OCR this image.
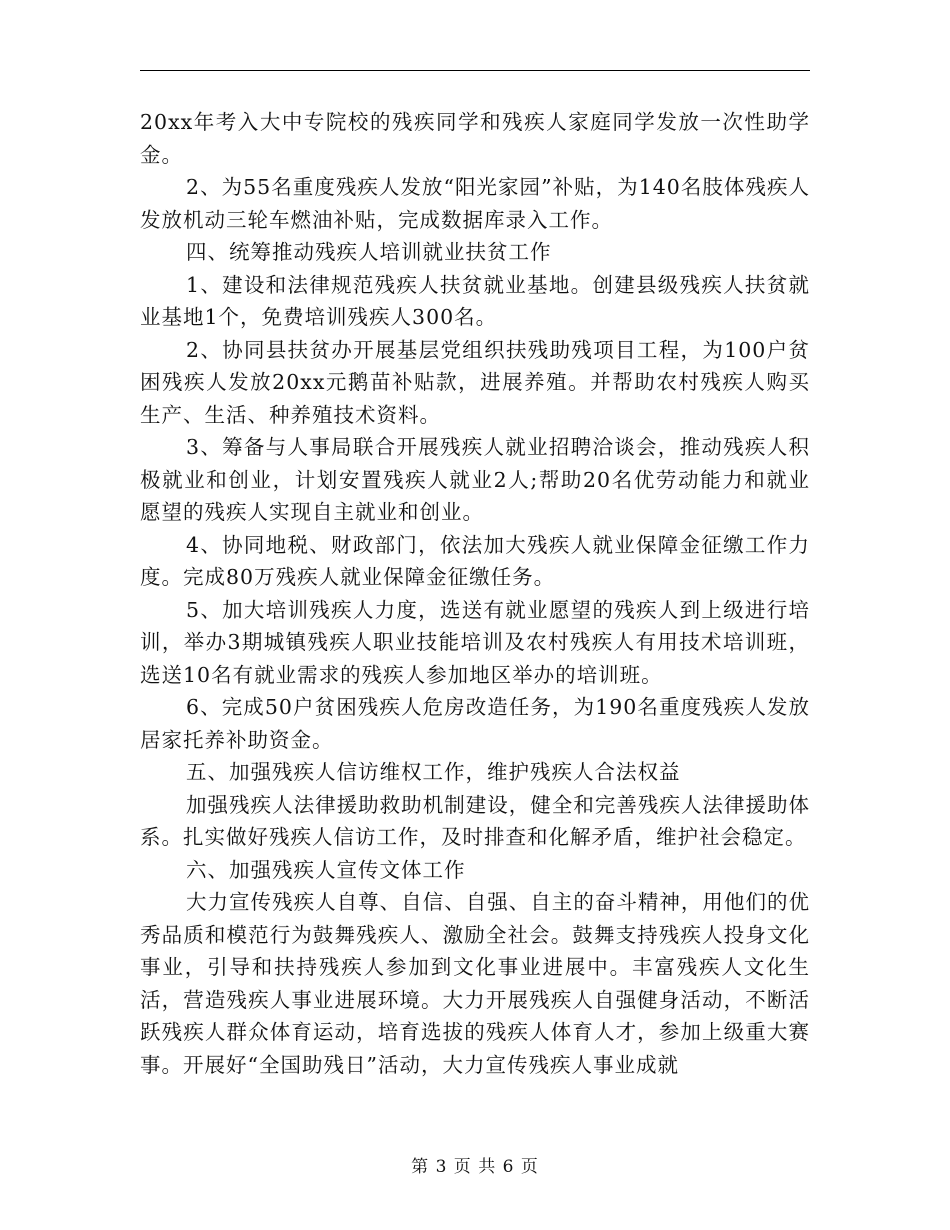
20xx年考入大中专院校的残疾同学和残疾人家庭同学发放一次性助学金。

2、为55名重度残疾人发放“阳光家园”补贴，为140名肢体残疾人发放机动三轮车燃油补贴，完成数据库录入工作。

四、统筹推动残疾人培训就业扶贫工作

1、建设和法律规范残疾人扶贫就业基地。创建县级残疾人扶贫就业基地1个，免费培训残疾人300名。

2、协同县扶贫办开展基层党组织扶残助残项目工程，为100户贫困残疾人发放20xx元鹅苗补贴款，进展养殖。并帮助农村残疾人购买生产、生活、种养殖技术资料。

3、筹备与人事局联合开展残疾人就业招聘洽谈会，推动残疾人积极就业和创业，计划安置残疾人就业2人;帮助20名优劳动能力和就业愿望的残疾人实现自主就业和创业。

4、协同地税、财政部门，依法加大残疾人就业保障金征缴工作力度。完成80万残疾人就业保障金征缴任务。

5、加大培训残疾人力度，选送有就业愿望的残疾人到上级进行培训，举办3期城镇残疾人职业技能培训及农村残疾人有用技术培训班，选送10名有就业需求的残疾人参加地区举办的培训班。

6、完成50户贫困残疾人危房改造任务，为190名重度残疾人发放居家托养补助资金。

五、加强残疾人信访维权工作，维护残疾人合法权益

加强残疾人法律援助救助机制建设，健全和完善残疾人法律援助体系。扎实做好残疾人信访工作，及时排查和化解矛盾，维护社会稳定。

六、加强残疾人宣传文体工作

大力宣传残疾人自尊、自信、自强、自主的奋斗精神，用他们的优秀品质和模范行为鼓舞残疾人、激励全社会。鼓舞支持残疾人投身文化事业，引导和扶持残疾人参加到文化事业进展中。丰富残疾人文化生活，营造残疾人事业进展环境。大力开展残疾人自强健身活动，不断活跃残疾人群众体育运动，培育选拔的残疾人体育人才，参加上级重大赛事。开展好“全国助残日”活动，大力宣传残疾人事业成就

第 3 页 共 6 页
